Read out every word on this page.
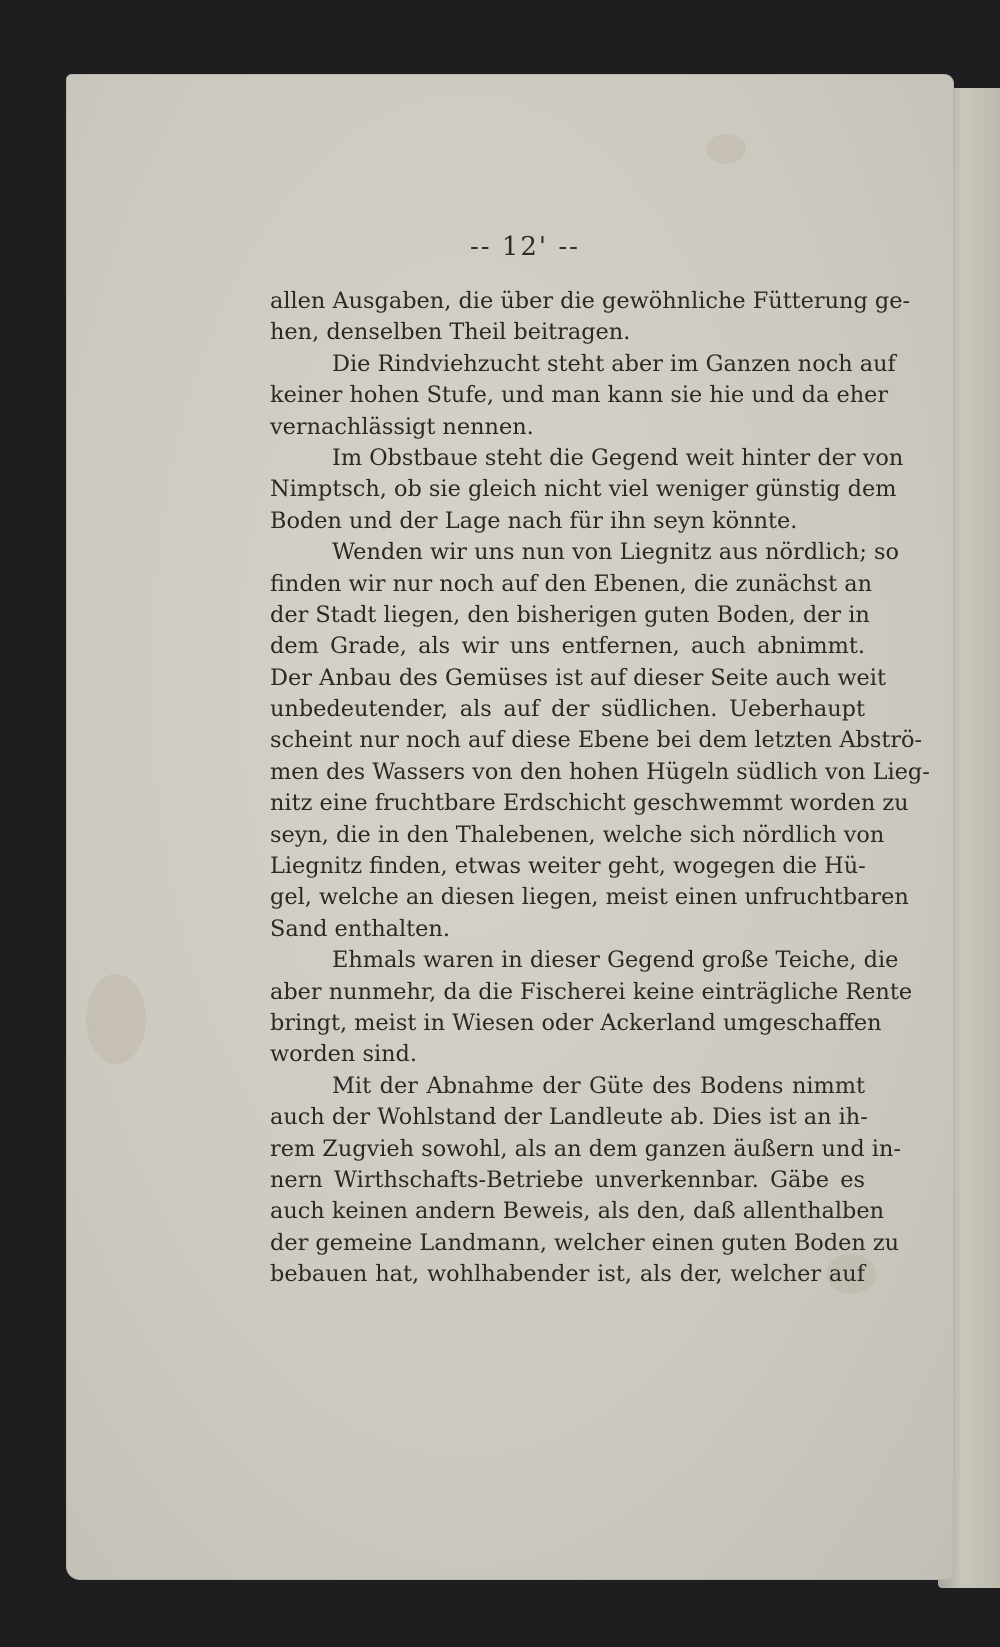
-- 12' --
allen Ausgaben, die über die gewöhnliche Fütterung ge-
hen, denselben Theil beitragen.
Die Rindviehzucht steht aber im Ganzen noch auf
keiner hohen Stufe, und man kann sie hie und da eher
vernachlässigt nennen.
Im Obstbaue steht die Gegend weit hinter der von
Nimptsch, ob sie gleich nicht viel weniger günstig dem
Boden und der Lage nach für ihn seyn könnte.
Wenden wir uns nun von Liegnitz aus nördlich; so
finden wir nur noch auf den Ebenen, die zunächst an
der Stadt liegen, den bisherigen guten Boden, der in
dem Grade, als wir uns entfernen, auch abnimmt.
Der Anbau des Gemüses ist auf dieser Seite auch weit
unbedeutender, als auf der südlichen. Ueberhaupt
scheint nur noch auf diese Ebene bei dem letzten Abströ-
men des Wassers von den hohen Hügeln südlich von Lieg-
nitz eine fruchtbare Erdschicht geschwemmt worden zu
seyn, die in den Thalebenen, welche sich nördlich von
Liegnitz finden, etwas weiter geht, wogegen die Hü-
gel, welche an diesen liegen, meist einen unfruchtbaren
Sand enthalten.
Ehmals waren in dieser Gegend große Teiche, die
aber nunmehr, da die Fischerei keine einträgliche Rente
bringt, meist in Wiesen oder Ackerland umgeschaffen
worden sind.
Mit der Abnahme der Güte des Bodens nimmt
auch der Wohlstand der Landleute ab. Dies ist an ih-
rem Zugvieh sowohl, als an dem ganzen äußern und in-
nern Wirthschafts-Betriebe unverkennbar. Gäbe es
auch keinen andern Beweis, als den, daß allenthalben
der gemeine Landmann, welcher einen guten Boden zu
bebauen hat, wohlhabender ist, als der, welcher auf
